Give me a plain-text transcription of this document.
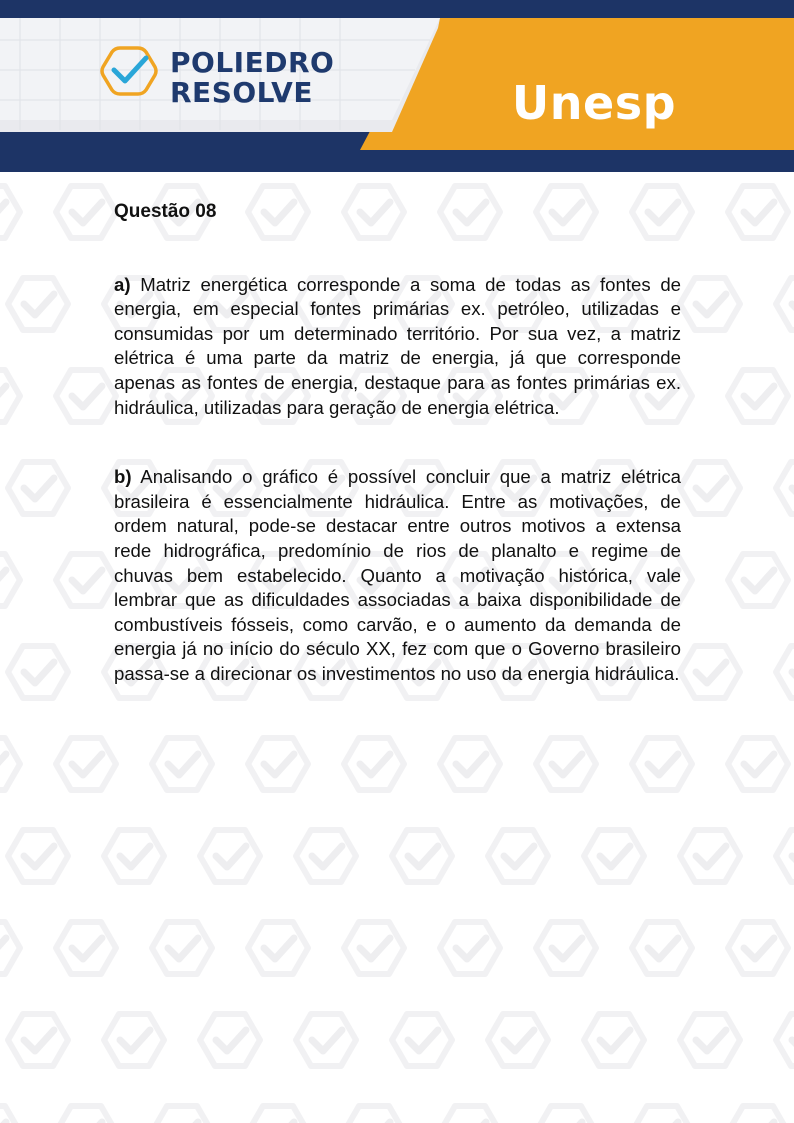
POLIEDRO
RESOLVE	Unesp
Questão 08

a) Matriz energética corresponde a soma de todas as fontes de energia, em especial fontes primárias ex. petróleo, utilizadas e consumidas por um determinado território. Por sua vez, a matriz elétrica é uma parte da matriz de energia, já que corresponde apenas as fontes de energia, destaque para as fontes primárias ex. hidráulica, utilizadas para geração de energia elétrica.

b) Analisando o gráfico é possível concluir que a matriz elétrica brasileira é essencialmente hidráulica. Entre as motivações, de ordem natural, pode-se destacar entre outros motivos a extensa rede hidrográfica, predomínio de rios de planalto e regime de chuvas bem estabelecido. Quanto a motivação histórica, vale lembrar que as dificuldades associadas a baixa disponibilidade de combustíveis fósseis, como carvão, e o aumento da demanda de energia já no início do século XX, fez com que o Governo brasileiro passa-se a direcionar os investimentos no uso da energia hidráulica.
